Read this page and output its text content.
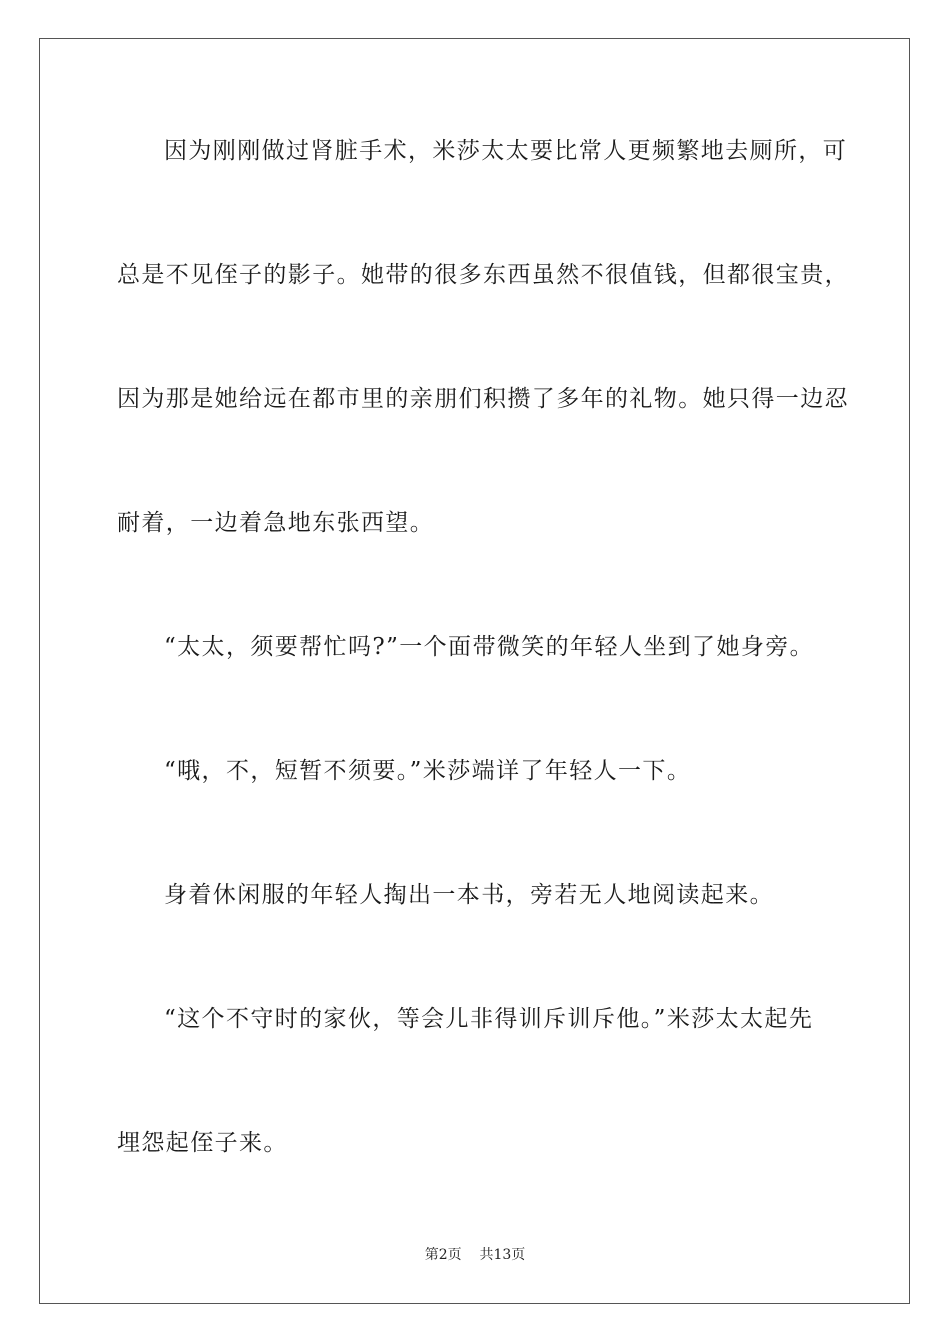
因为刚刚做过肾脏手术，米莎太太要比常人更频繁地去厕所，可
总是不见侄子的影子。她带的很多东西虽然不很值钱，但都很宝贵，
因为那是她给远在都市里的亲朋们积攒了多年的礼物。她只得一边忍
耐着，一边着急地东张西望。
“太太，须要帮忙吗?”一个面带微笑的年轻人坐到了她身旁。
“哦，不，短暂不须要。”米莎端详了年轻人一下。
身着休闲服的年轻人掏出一本书，旁若无人地阅读起来。
“这个不守时的家伙，等会儿非得训斥训斥他。”米莎太太起先
埋怨起侄子来。
第2页 共13页
